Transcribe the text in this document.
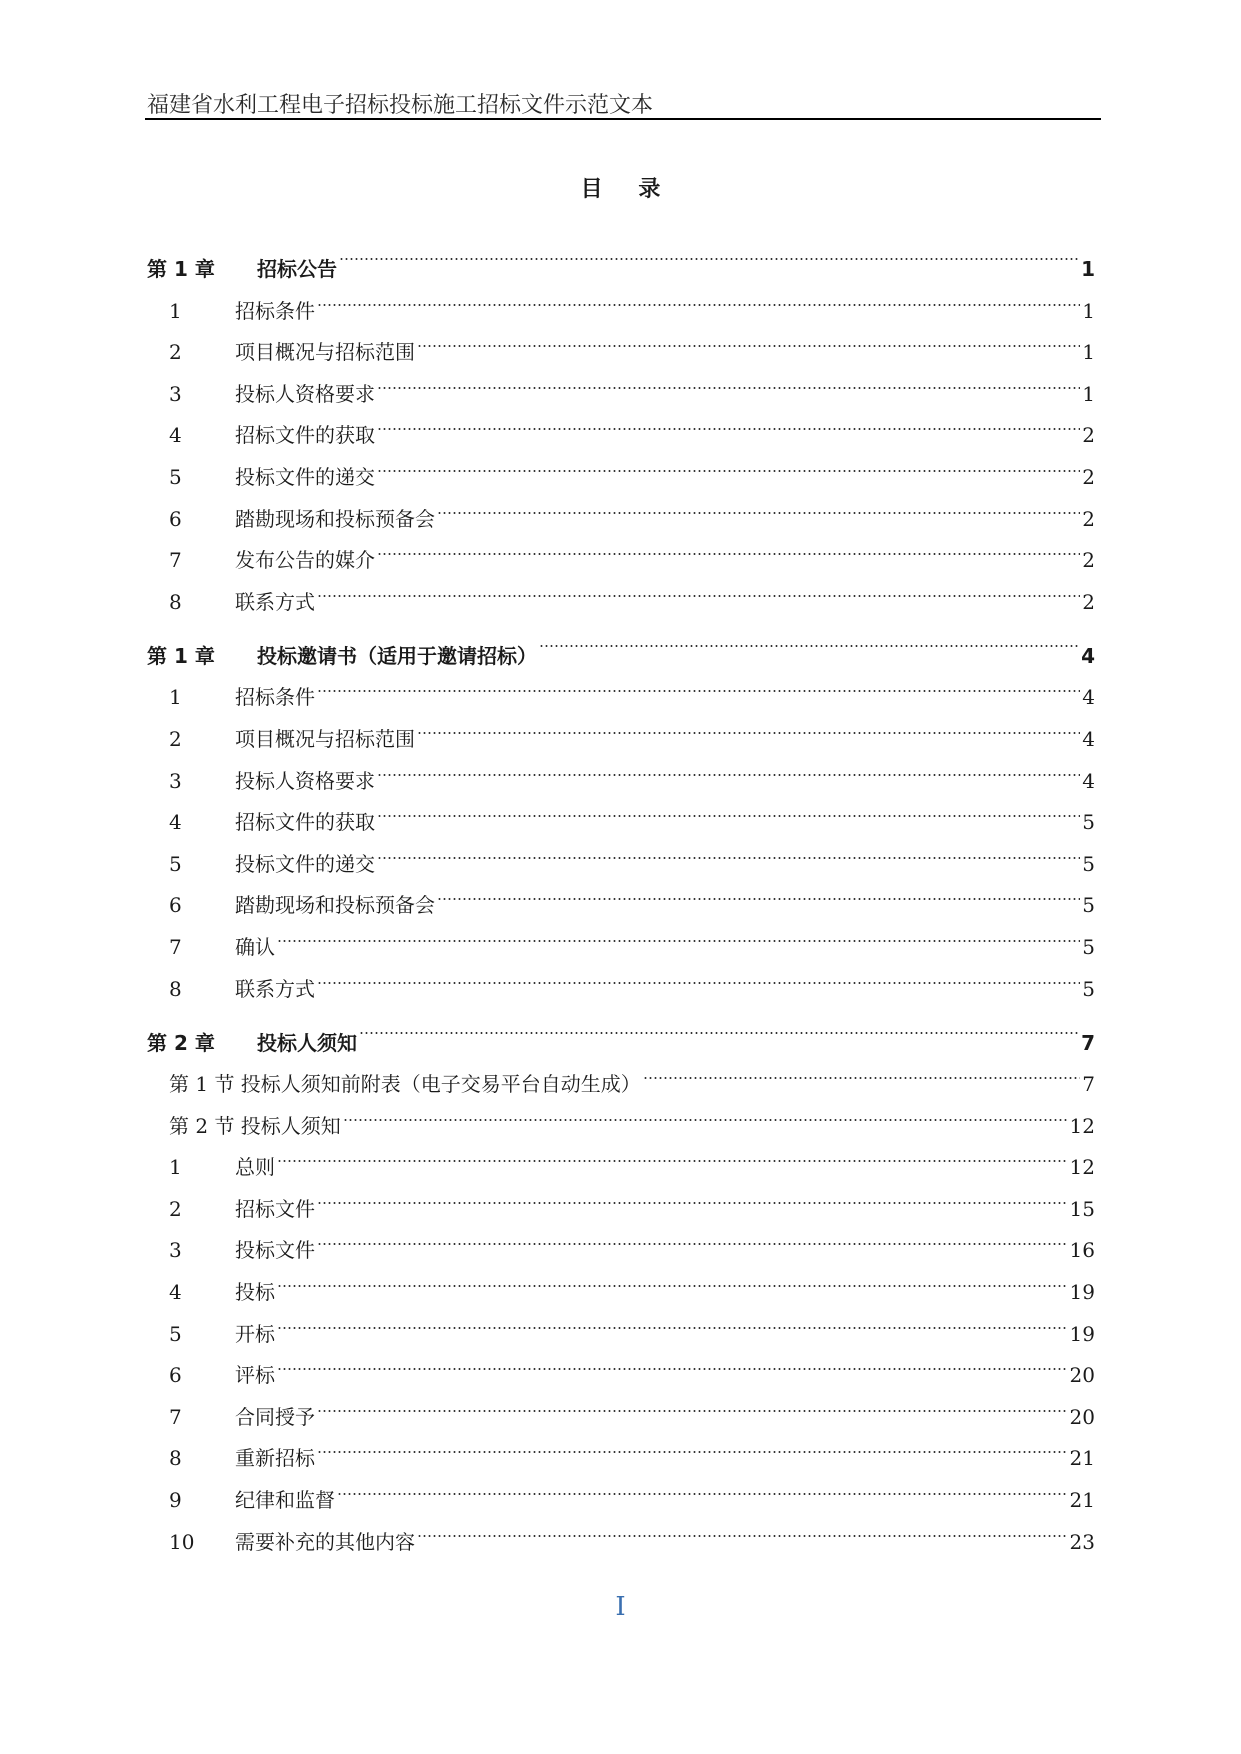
福建省水利工程电子招标投标施工招标文件示范文本
目 录
第 1 章	招标公告	1
1	招标条件	1
2	项目概况与招标范围	1
3	投标人资格要求	1
4	招标文件的获取	2
5	投标文件的递交	2
6	踏勘现场和投标预备会	2
7	发布公告的媒介	2
8	联系方式	2
第 1 章	投标邀请书（适用于邀请招标）	4
1	招标条件	4
2	项目概况与招标范围	4
3	投标人资格要求	4
4	招标文件的获取	5
5	投标文件的递交	5
6	踏勘现场和投标预备会	5
7	确认	5
8	联系方式	5
第 2 章	投标人须知	7
第 1 节 投标人须知前附表（电子交易平台自动生成）	7
第 2 节 投标人须知	12
1	总则	12
2	招标文件	15
3	投标文件	16
4	投标	19
5	开标	19
6	评标	20
7	合同授予	20
8	重新招标	21
9	纪律和监督	21
10	需要补充的其他内容	23
I
